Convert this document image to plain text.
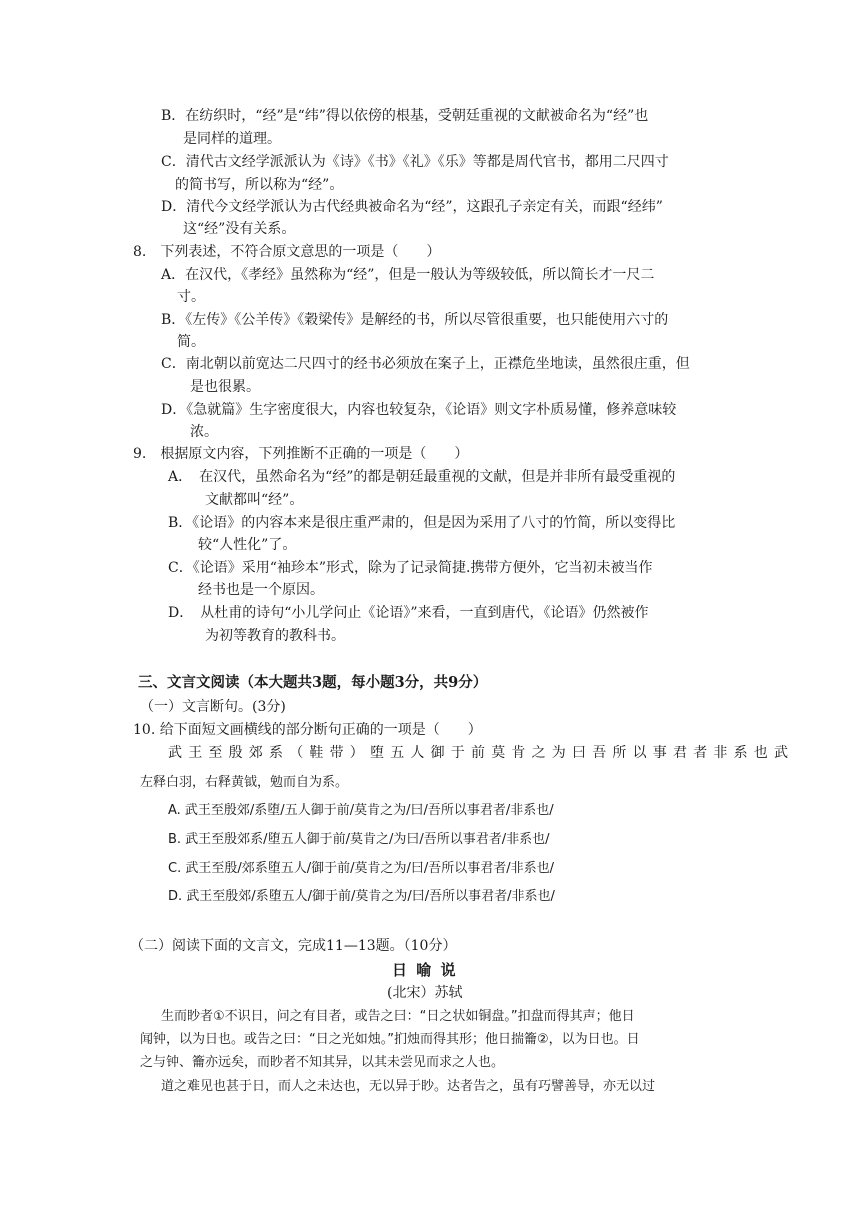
B．在纺织时，“经”是“纬”得以依傍的根基，受朝廷重视的文献被命名为“经”也
是同样的道理。
C．清代古文经学派派认为《诗》《书》《礼》《乐》等都是周代官书，都用二尺四寸
的简书写，所以称为“经”。
D．清代今文经学派认为古代经典被命名为“经”，这跟孔子亲定有关，而跟“经纬”
这“经”没有关系。
8.　下列表述，不符合原文意思的一项是（　　）
A．在汉代，《孝经》虽然称为“经”，但是一般认为等级较低，所以简长才一尺二
寸。
B．《左传》《公羊传》《穀梁传》是解经的书，所以尽管很重要，也只能使用六寸的
简。
C．南北朝以前宽达二尺四寸的经书必须放在案子上，正襟危坐地读，虽然很庄重，但
是也很累。
D．《急就篇》生字密度很大，内容也较复杂，《论语》则文字朴质易懂，修养意味较
浓。
9.　根据原文内容，下列推断不正确的一项是（　　）
A．　在汉代，虽然命名为“经”的都是朝廷最重视的文献，但是并非所有最受重视的
文献都叫“经”。
B．《论语》的内容本来是很庄重严肃的，但是因为采用了八寸的竹简，所以变得比
较“人性化”了。
C．《论语》采用“袖珍本”形式，除为了记录简捷.携带方便外，它当初未被当作
经书也是一个原因。
D．　从杜甫的诗句“小儿学问止《论语》”来看，一直到唐代，《论语》仍然被作
为初等教育的教科书。
三、文言文阅读（本大题共3题，每小题3分，共9分）
（一）文言断句。(3分)
10. 给下面短文画横线的部分断句正确的一项是（　　）
武王至殷郊系（鞋带）堕五人御于前莫肯之为曰吾所以事君者非系也武
左释白羽，右释黄钺，勉而自为系。
A. 武王至殷郊/系堕/五人御于前/莫肯之为/曰/吾所以事君者/非系也/
B. 武王至殷郊系/堕五人御于前/莫肯之/为曰/吾所以事君者/非系也/
C. 武王至殷/郊系堕五人/御于前/莫肯之为/曰/吾所以事君者/非系也/
D. 武王至殷郊/系堕五人/御于前/莫肯之为/曰/吾所以事君者/非系也/
（二）阅读下面的文言文，完成11—13题。（10分）
日 喻 说
(北宋）苏轼
生而眇者①不识日，问之有目者，或告之曰：“日之状如铜盘。”扣盘而得其声；他日
闻钟，以为日也。或告之曰：“日之光如烛。”扪烛而得其形；他日揣籥②，以为日也。日
之与钟、籥亦远矣，而眇者不知其异，以其未尝见而求之人也。
道之难见也甚于日，而人之未达也，无以异于眇。达者告之，虽有巧譬善导，亦无以过
